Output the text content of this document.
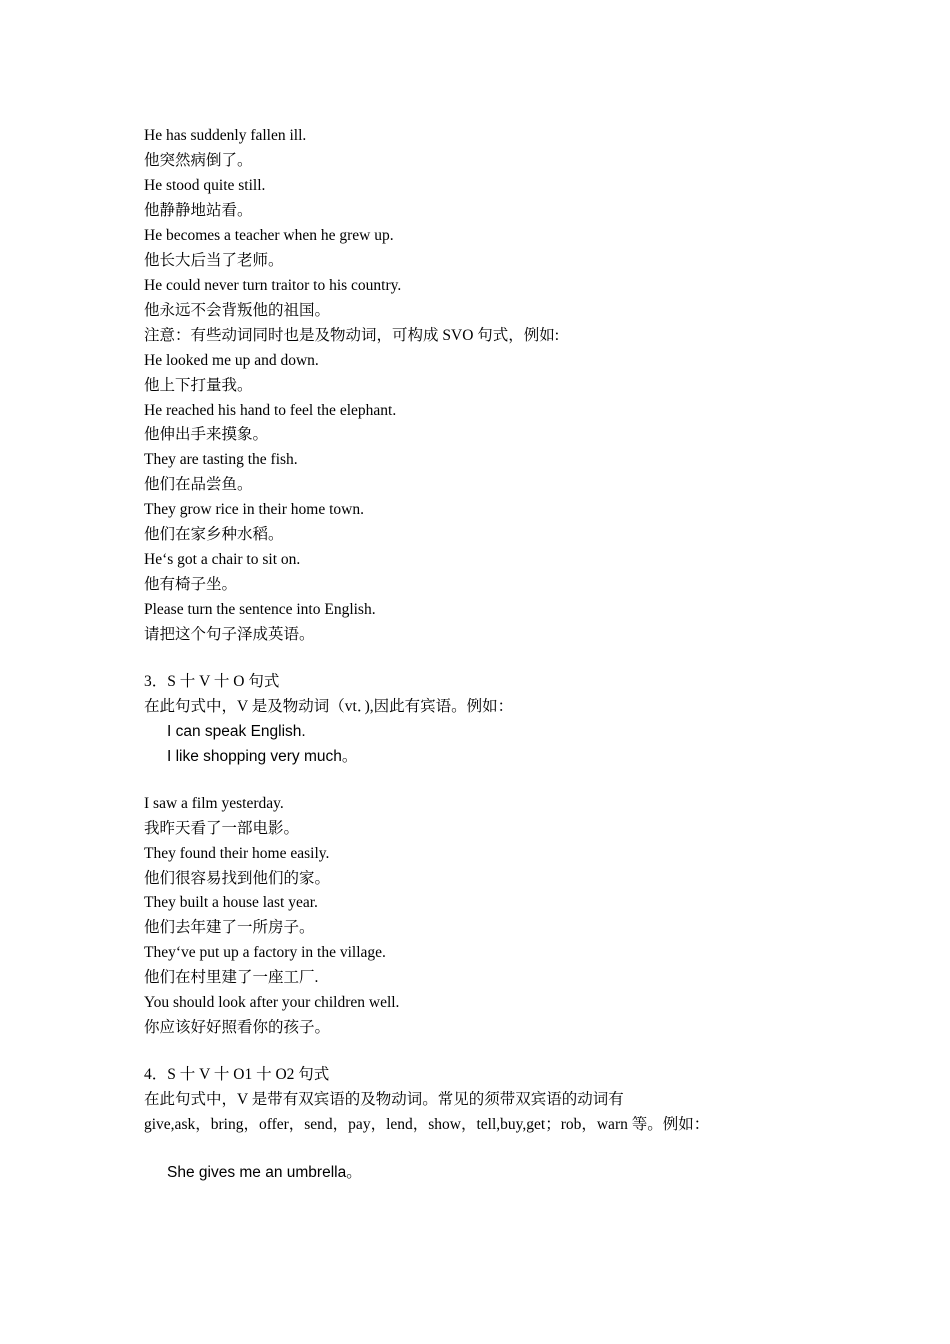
He has suddenly fallen ill.
他突然病倒了。
He stood quite still.
他静静地站看。
He becomes a teacher when he grew up.
他长大后当了老师。
He could never turn traitor to his country.
他永远不会背叛他的祖国。
注意：有些动词同时也是及物动词，可构成 SVO 句式，例如:
He looked me up and down.
他上下打量我。
He reached his hand to feel the elephant.
他伸出手来摸象。
They are tasting the fish.
他们在品尝鱼。
They grow rice in their home town.
他们在家乡种水稻。
He‘s got a chair to sit on.
他有椅子坐。
Please turn the sentence into English.
请把这个句子泽成英语。
3．S 十 V 十 O 句式
在此句式中，V 是及物动词（vt．),因此有宾语。例如：
I can speak English.
I like shopping very much。
I saw a film yesterday.
我昨天看了一部电影。
They found their home easily.
他们很容易找到他们的家。
They built a house last year.
他们去年建了一所房子。
They‘ve put up a factory in the village.
他们在村里建了一座工厂.
You should look after your children well.
你应该好好照看你的孩子。
4．S 十 V 十 O1 十 O2 句式
在此句式中，V 是带有双宾语的及物动词。常见的须带双宾语的动词有
give,ask，bring，offer，send，pay，lend，show，tell,buy,get；rob，warn 等。例如：
She gives me an umbrella。
